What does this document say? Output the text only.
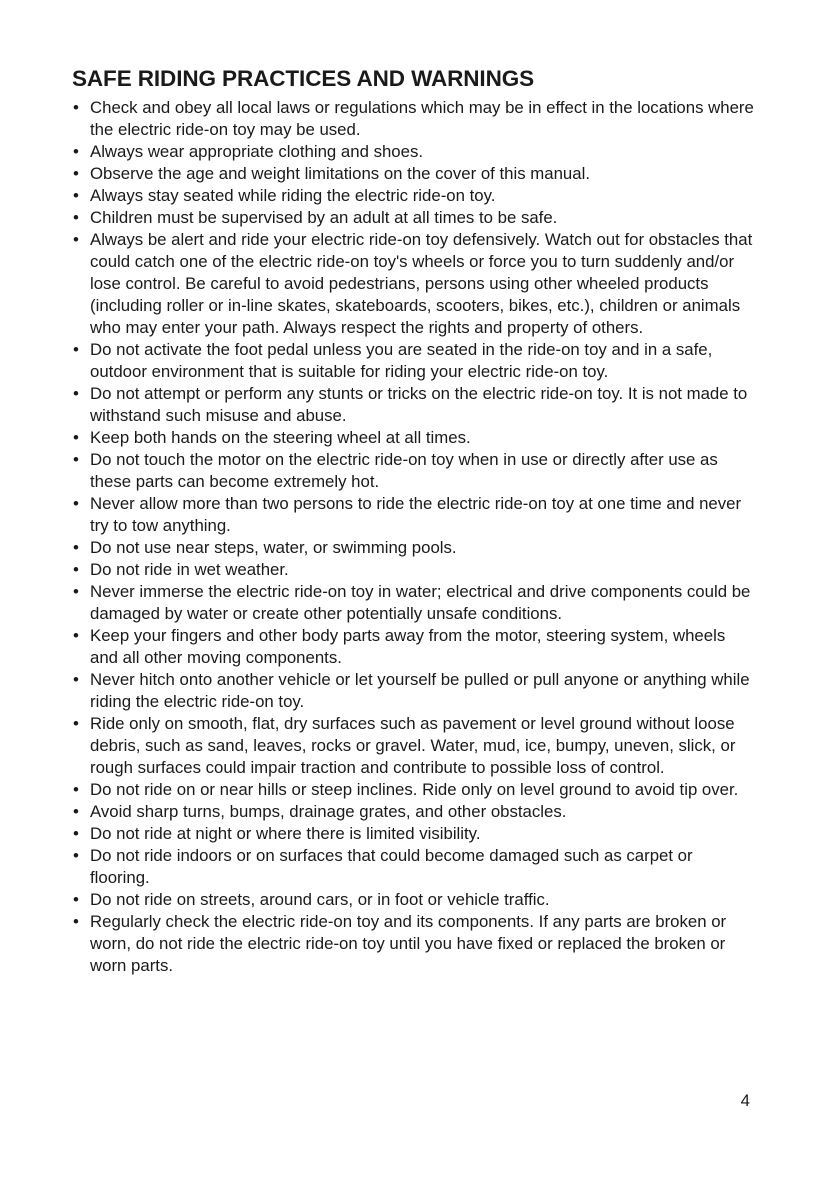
SAFE RIDING PRACTICES AND WARNINGS
• Check and obey all local laws or regulations which may be in effect in the locations where the electric ride-on toy may be used.
• Always wear appropriate clothing and shoes.
• Observe the age and weight limitations on the cover of this manual.
• Always stay seated while riding the electric ride-on toy.
• Children must be supervised by an adult at all times to be safe.
• Always be alert and ride your electric ride-on toy defensively. Watch out for obstacles that could catch one of the electric ride-on toy's wheels or force you to turn suddenly and/or lose control. Be careful to avoid pedestrians, persons using other wheeled products (including roller or in-line skates, skateboards, scooters, bikes, etc.), children or animals who may enter your path. Always respect the rights and property of others.
• Do not activate the foot pedal unless you are seated in the ride-on toy and in a safe, outdoor environment that is suitable for riding your electric ride-on toy.
• Do not attempt or perform any stunts or tricks on the electric ride-on toy. It is not made to withstand such misuse and abuse.
• Keep both hands on the steering wheel at all times.
• Do not touch the motor on the electric ride-on toy when in use or directly after use as these parts can become extremely hot.
• Never allow more than two persons to ride the electric ride-on toy at one time and never try to tow anything.
• Do not use near steps, water, or swimming pools.
• Do not ride in wet weather.
• Never immerse the electric ride-on toy in water; electrical and drive components could be damaged by water or create other potentially unsafe conditions.
• Keep your fingers and other body parts away from the motor, steering system, wheels and all other moving components.
• Never hitch onto another vehicle or let yourself be pulled or pull anyone or anything while riding the electric ride-on toy.
• Ride only on smooth, flat, dry surfaces such as pavement or level ground without loose debris, such as sand, leaves, rocks or gravel. Water, mud, ice, bumpy, uneven, slick, or rough surfaces could impair traction and contribute to possible loss of control.
• Do not ride on or near hills or steep inclines. Ride only on level ground to avoid tip over.
• Avoid sharp turns, bumps, drainage grates, and other obstacles.
• Do not ride at night or where there is limited visibility.
• Do not ride indoors or on surfaces that could become damaged such as carpet or flooring.
• Do not ride on streets, around cars, or in foot or vehicle traffic.
• Regularly check the electric ride-on toy and its components. If any parts are broken or worn, do not ride the electric ride-on toy until you have fixed or replaced the broken or worn parts.
4
